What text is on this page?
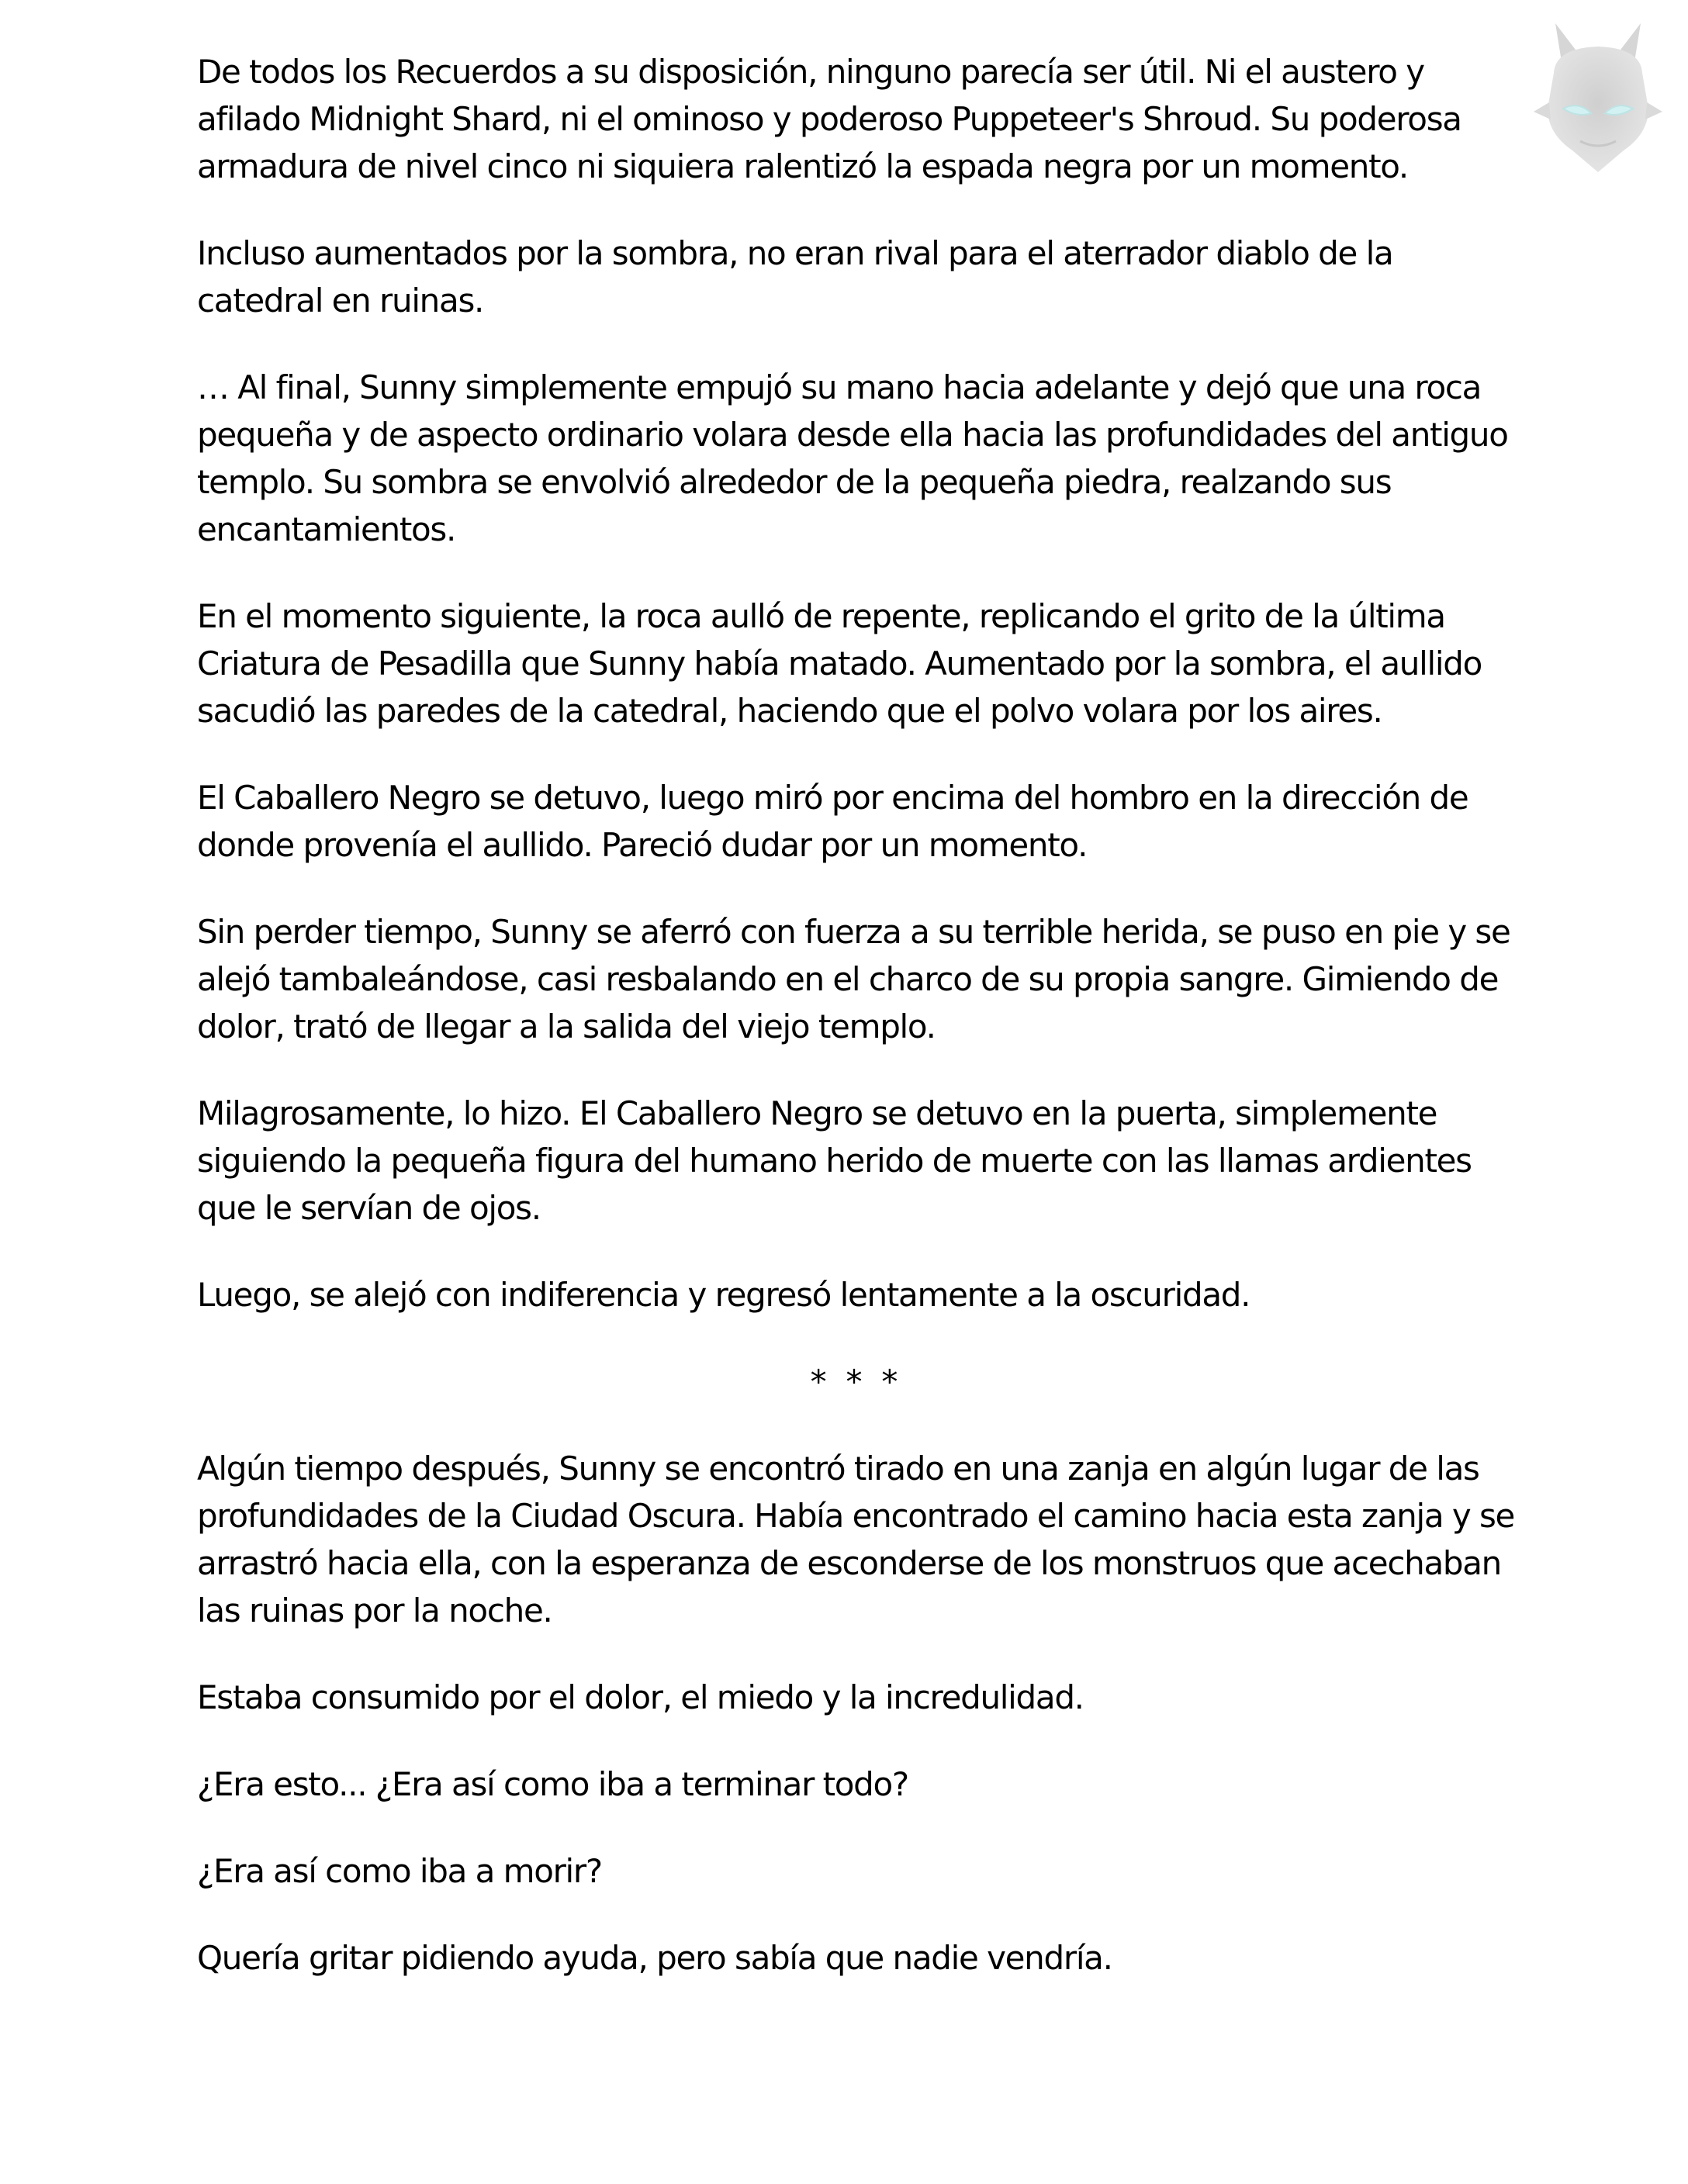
De todos los Recuerdos a su disposición, ninguno parecía ser útil. Ni el austero y afilado Midnight Shard, ni el ominoso y poderoso Puppeteer's Shroud. Su poderosa armadura de nivel cinco ni siquiera ralentizó la espada negra por un momento.

Incluso aumentados por la sombra, no eran rival para el aterrador diablo de la catedral en ruinas.

… Al final, Sunny simplemente empujó su mano hacia adelante y dejó que una roca pequeña y de aspecto ordinario volara desde ella hacia las profundidades del antiguo templo. Su sombra se envolvió alrededor de la pequeña piedra, realzando sus encantamientos.

En el momento siguiente, la roca aulló de repente, replicando el grito de la última Criatura de Pesadilla que Sunny había matado. Aumentado por la sombra, el aullido sacudió las paredes de la catedral, haciendo que el polvo volara por los aires.

El Caballero Negro se detuvo, luego miró por encima del hombro en la dirección de donde provenía el aullido. Pareció dudar por un momento.

Sin perder tiempo, Sunny se aferró con fuerza a su terrible herida, se puso en pie y se alejó tambaleándose, casi resbalando en el charco de su propia sangre. Gimiendo de dolor, trató de llegar a la salida del viejo templo.

Milagrosamente, lo hizo. El Caballero Negro se detuvo en la puerta, simplemente siguiendo la pequeña figura del humano herido de muerte con las llamas ardientes que le servían de ojos.

Luego, se alejó con indiferencia y regresó lentamente a la oscuridad.

* * *

Algún tiempo después, Sunny se encontró tirado en una zanja en algún lugar de las profundidades de la Ciudad Oscura. Había encontrado el camino hacia esta zanja y se arrastró hacia ella, con la esperanza de esconderse de los monstruos que acechaban las ruinas por la noche.

Estaba consumido por el dolor, el miedo y la incredulidad.

¿Era esto... ¿Era así como iba a terminar todo?

¿Era así como iba a morir?

Quería gritar pidiendo ayuda, pero sabía que nadie vendría.
